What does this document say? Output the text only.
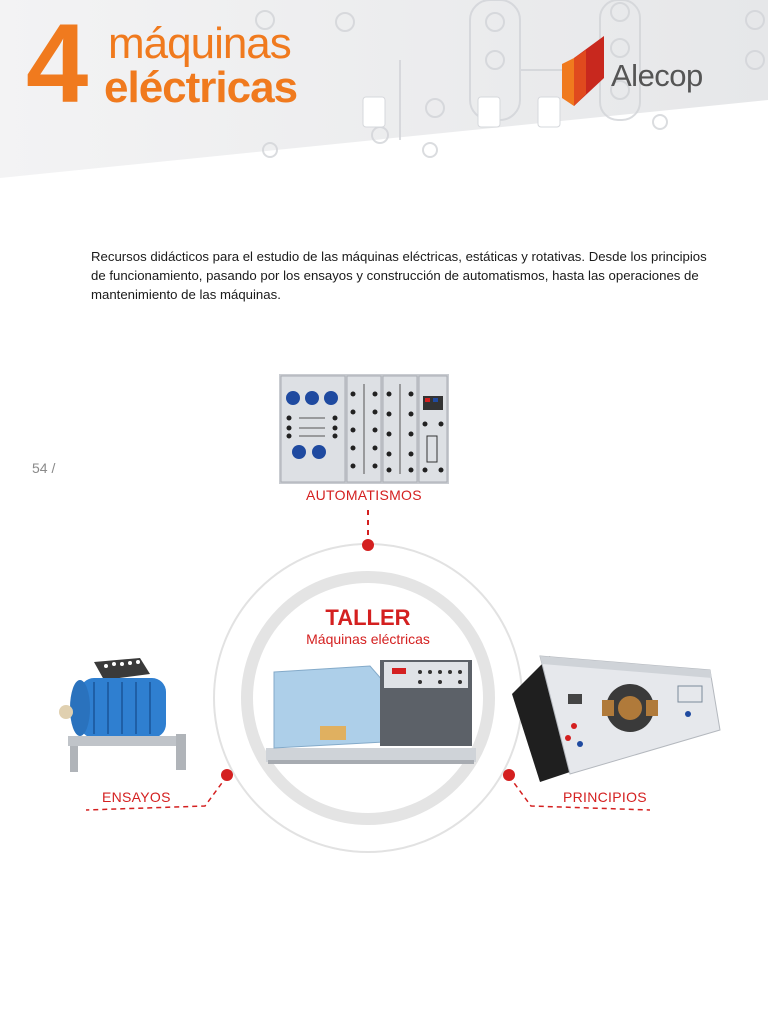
4 máquinas
eléctricas	Alecop
Recursos didácticos para el estudio de las máquinas eléctricas, estáticas y rotativas. Desde los principios de funcionamiento, pasando por los ensayos y construcción de automatismos, hasta las operaciones de mantenimiento de las máquinas.
54 /
AUTOMATISMOS
TALLER
Máquinas eléctricas
ENSAYOS	PRINCIPIOS
